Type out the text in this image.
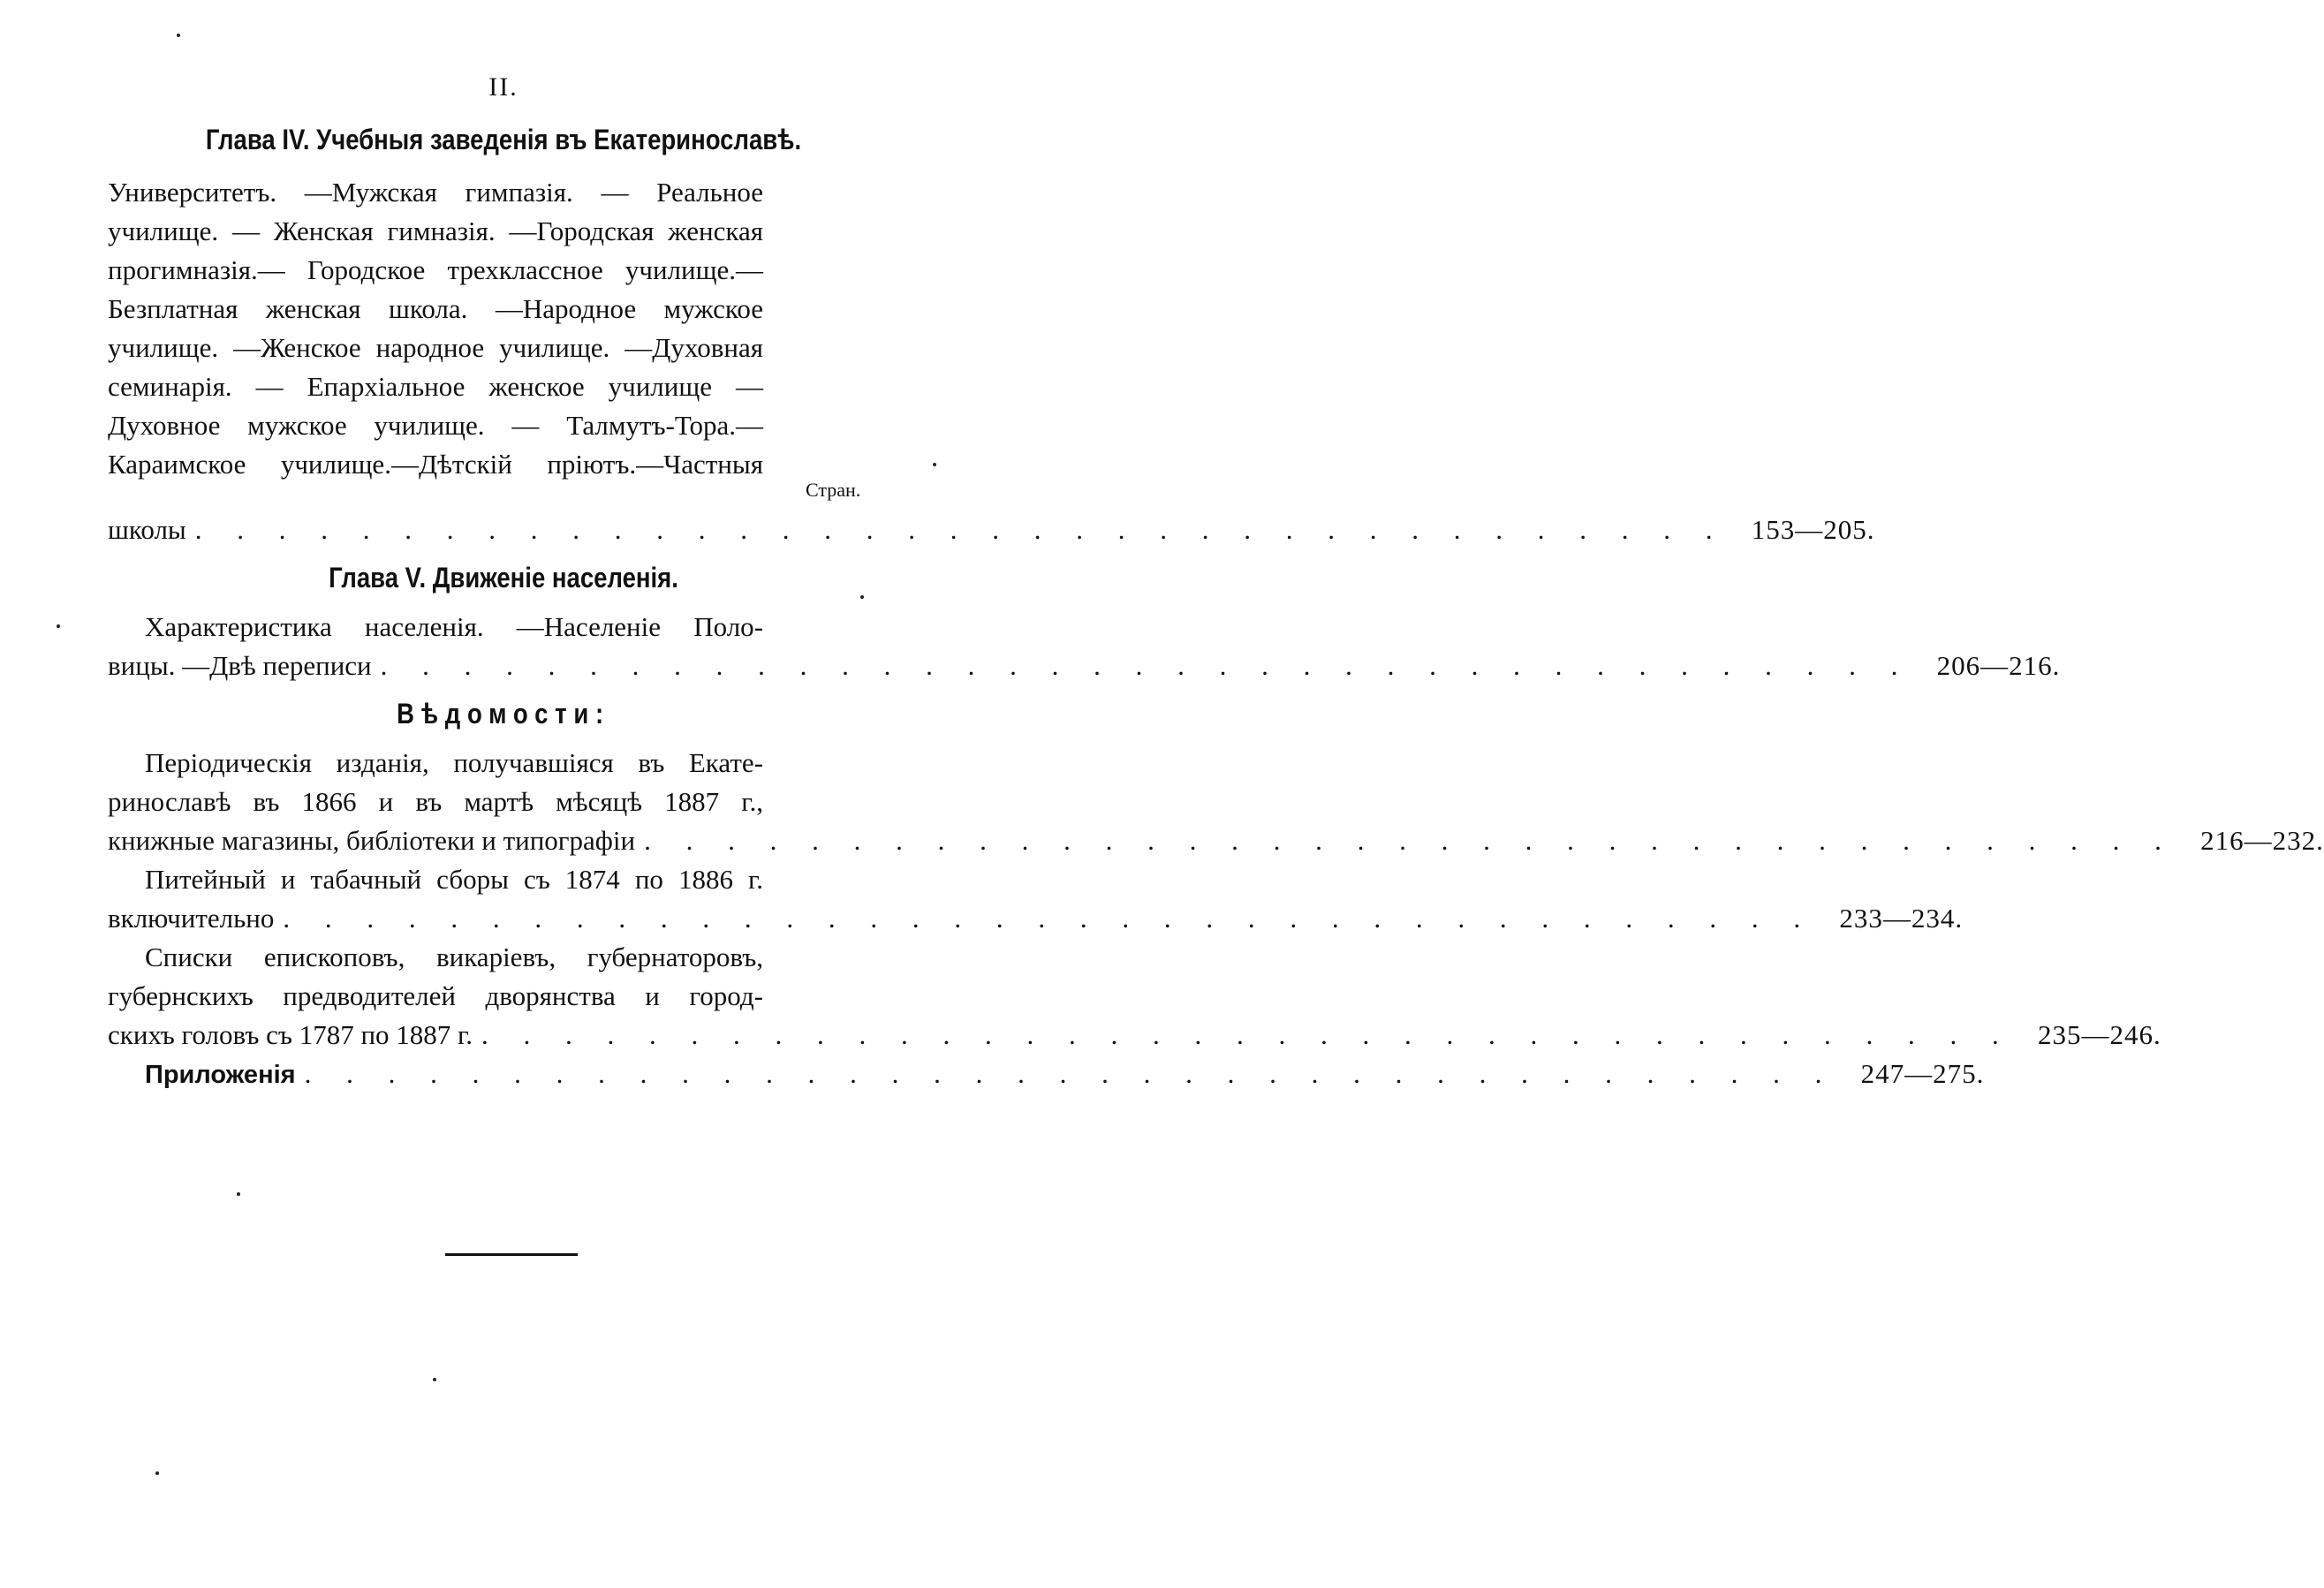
II.
Глава IV. Учебныя заведенія въ Екатеринославѣ.
Университетъ. —Мужская гимпазія. — Реальное
училище. — Женская гимназія. —Городская женская
прогимназія.— Городское трехклассное училище.—
Безплатная женская школа. —Народное мужское
училище. —Женское народное училище. —Духовная
семинарія. — Епархіальное женское училище —
Духовное мужское училище. — Талмутъ-Тора.—
Караимское училище.—Дѣтскій пріютъ.—Частныя
Стран.
школы . . . . . . . . . . . . . . . . . . . . . . . . . . . . . . . . . . . . . 153—205.
Глава V. Движеніе населенія.
Характеристика населенія. —Населеніе Поло-
вицы. —Двѣ переписи . . . . . . . . . . . . . . . . . . . . . . . . . . . . . . . . . . . . . 206—216.
Вѣдомости:
Періодическія изданія, получавшіяся въ Екате-
ринославѣ въ 1866 и въ мартѣ мѣсяцѣ 1887 г.,
книжные магазины, библіотеки и типографіи . . . . . . . . . . . . . . . . . . . . . . . . . . . . . . . . . . . . . 216—232.
Питейный и табачный сборы съ 1874 по 1886 г.
включительно . . . . . . . . . . . . . . . . . . . . . . . . . . . . . . . . . . . . . 233—234.
Списки епископовъ, викаріевъ, губернаторовъ,
губернскихъ предводителей дворянства и город-
скихъ головъ съ 1787 по 1887 г. . . . . . . . . . . . . . . . . . . . . . . . . . . . . . . . . . . . . . 235—246.
Приложенія . . . . . . . . . . . . . . . . . . . . . . . . . . . . . . . . . . . . . 247—275.
